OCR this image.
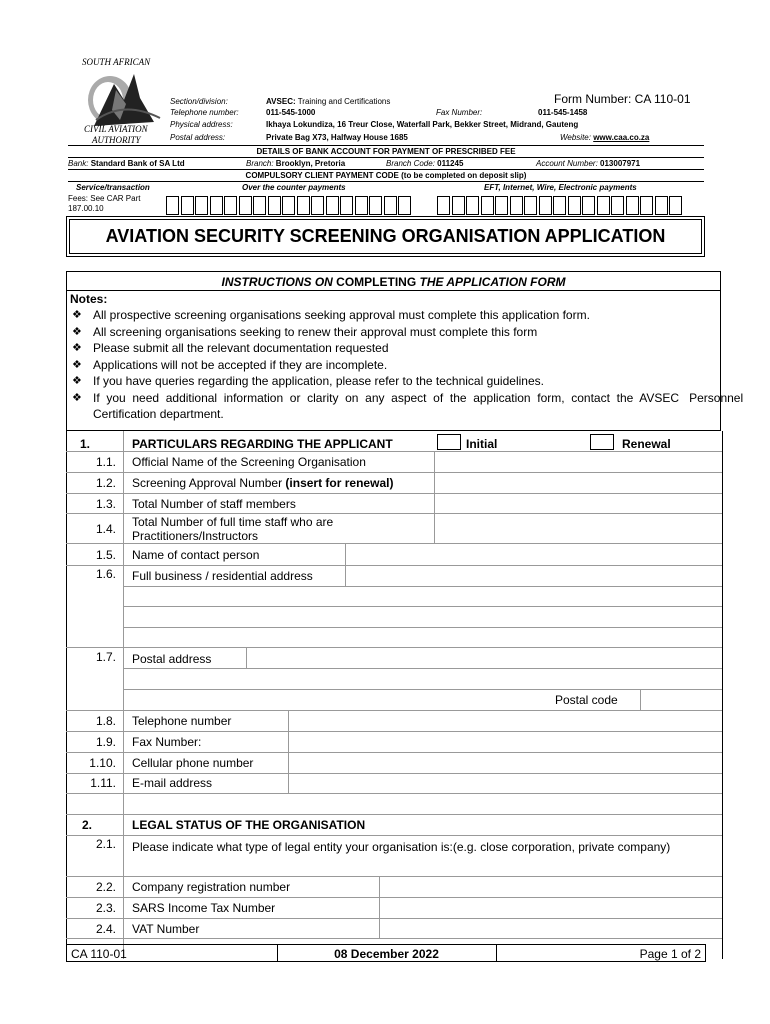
SOUTH AFRICAN
CIVIL AVIATION
AUTHORITY
Form Number: CA 110-01
Section/division:	AVSEC: Training and Certifications
Telephone number:	011-545-1000	Fax Number:	011-545-1458
Physical address:	Ikhaya Lokundiza, 16 Treur Close, Waterfall Park, Bekker Street, Midrand, Gauteng
Postal address:	Private Bag X73, Halfway House 1685	Website: www.caa.co.za
DETAILS OF BANK ACCOUNT FOR PAYMENT OF PRESCRIBED FEE
Bank: Standard Bank of SA Ltd	Branch: Brooklyn, Pretoria	Branch Code: 011245	Account Number: 013007971
COMPULSORY CLIENT PAYMENT CODE (to be completed on deposit slip)
Service/transaction	Over the counter payments	EFT, Internet, Wire, Electronic payments
Fees: See CAR Part
187.00.10
AVIATION SECURITY SCREENING ORGANISATION APPLICATION
INSTRUCTIONS ON COMPLETING THE APPLICATION FORM
Notes:
❖ All prospective screening organisations seeking approval must complete this application form.
❖ All screening organisations seeking to renew their approval must complete this form
❖ Please submit all the relevant documentation requested
❖ Applications will not be accepted if they are incomplete.
❖ If you have queries regarding the application, please refer to the technical guidelines.
❖ If  you  need  additional  information  or  clarity  on  any  aspect  of  the  application  form,  contact  the  AVSEC   Personnel
Certification department.
1.	PARTICULARS REGARDING THE APPLICANT	Initial	Renewal
1.1. Official Name of the Screening Organisation
1.2. Screening Approval Number (insert for renewal)
1.3. Total Number of staff members
1.4. Total Number of full time staff who are
Practitioners/Instructors
1.5. Name of contact person
1.6. Full business / residential address
1.7. Postal address
Postal code
1.8. Telephone number
1.9. Fax Number:
1.10. Cellular phone number
1.11. E-mail address
2.	LEGAL STATUS OF THE ORGANISATION
2.1. Please indicate what type of legal entity your organisation is:(e.g. close corporation, private company)
2.2. Company registration number
2.3. SARS Income Tax Number
2.4. VAT Number
CA 110-01	08 December 2022	Page 1 of 2
